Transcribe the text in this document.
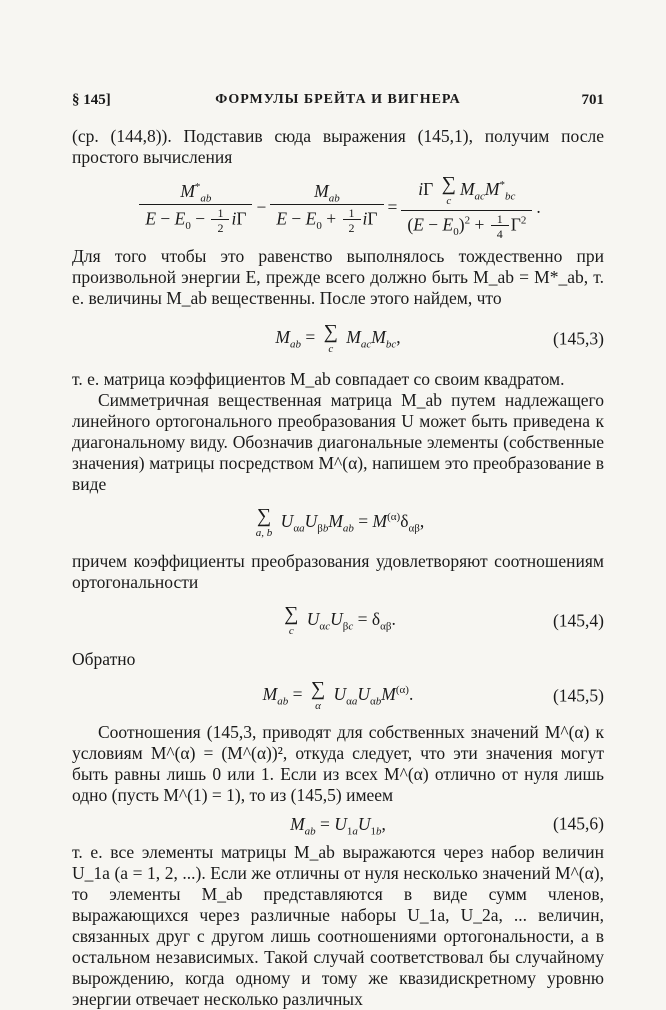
§ 145]	ФОРМУЛЫ БРЕЙТА И ВИГНЕРА	701

(ср. (144,8)). Подставив сюда выражения (145,1), получим после простого вычисления

$\frac{M^*_{ab}}{E - E_0 - \frac{1}{2} i\Gamma} - \frac{M_{ab}}{E - E_0 + \frac{1}{2} i\Gamma} = i\Gamma$ ∑
c
$M_{ac}M^*_{bc}$
$(E - E_0)^2 + \frac{1}{4} \Gamma^2$ .

Для того чтобы это равенство выполнялось тождественно при произвольной энергии E, прежде всего должно быть M_ab = M*_ab, т. е. величины M_ab вещественны. После этого найдем, что

$M_{ab}$ = ∑
c
$M_{ac}M_{bc}$,	(145,3)

т. е. матрица коэффициентов M_ab совпадает со своим квадратом.

Симметричная вещественная матрица M_ab путем надлежащего линейного ортогонального преобразования U может быть приведена к диагональному виду. Обозначив диагональные элементы (собственные значения) матрицы посредством M^(α), напишем это преобразование в виде

∑
a, b
$U_{\alpha a}U_{\beta b}M_{ab} = M^{(\alpha)}\delta_{\alpha\beta}$,

причем коэффициенты преобразования удовлетворяют соотношениям ортогональности

∑
c
$U_{\alpha c}U_{\beta c} = \delta_{\alpha\beta}$.	(145,4)

Обратно

$M_{ab}$ = ∑
α
$U_{\alpha a}U_{\alpha b}M^{(\alpha)}$.	(145,5)

Соотношения (145,3, приводят для собственных значений M^(α) к условиям M^(α) = (M^(α))², откуда следует, что эти значения могут быть равны лишь 0 или 1. Если из всех M^(α) отлично от нуля лишь одно (пусть M^(1) = 1), то из (145,5) имеем

$M_{ab} = U_{1a}U_{1b}$,	(145,6)

т. е. все элементы матрицы M_ab выражаются через набор величин U_1a (a = 1, 2, ...). Если же отличны от нуля несколько значений M^(α), то элементы M_ab представляются в виде сумм членов, выражающихся через различные наборы U_1a, U_2a, ... величин, связанных друг с другом лишь соотношениями ортогональности, а в остальном независимых. Такой случай соответствовал бы случайному вырождению, когда одному и тому же квазидискретному уровню энергии отвечает несколько различных
